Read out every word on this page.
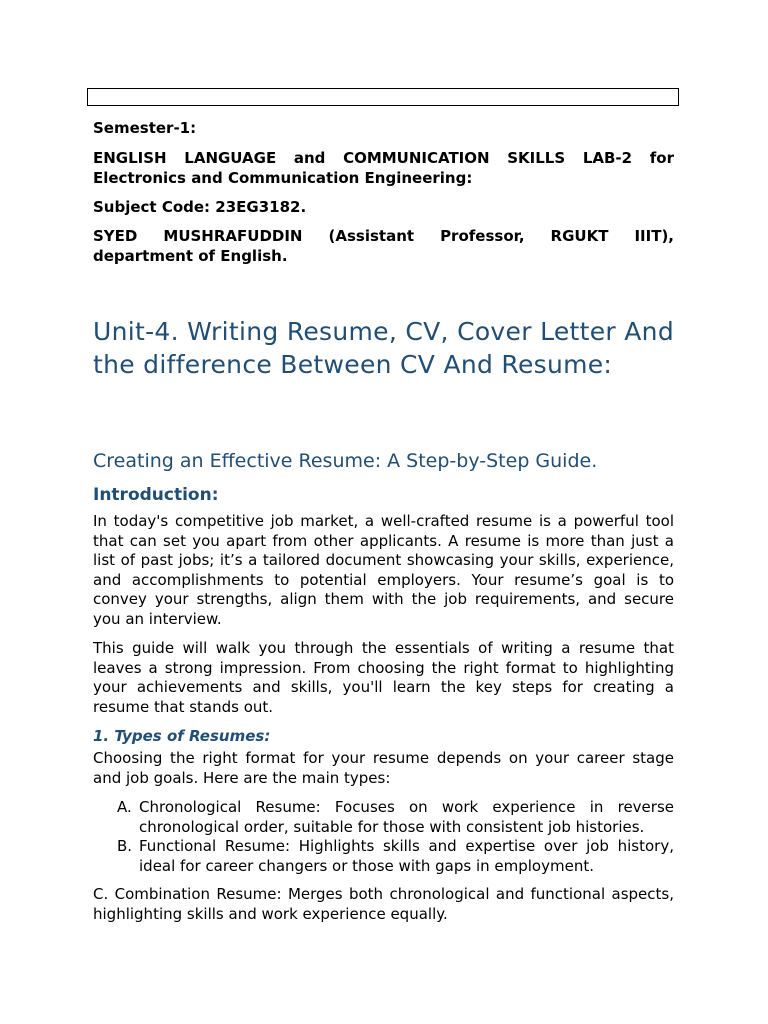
Semester-1:

ENGLISH LANGUAGE and COMMUNICATION SKILLS LAB-2 for Electronics and Communication Engineering:

Subject Code: 23EG3182.

SYED MUSHRAFUDDIN (Assistant Professor, RGUKT IIIT), department of English.

Unit-4. Writing Resume, CV, Cover Letter And the difference Between CV And Resume:
Creating an Effective Resume: A Step-by-Step Guide.
Introduction:

In today's competitive job market, a well-crafted resume is a powerful tool that can set you apart from other applicants. A resume is more than just a list of past jobs; it’s a tailored document showcasing your skills, experience, and accomplishments to potential employers. Your resume’s goal is to convey your strengths, align them with the job requirements, and secure you an interview.

This guide will walk you through the essentials of writing a resume that leaves a strong impression. From choosing the right format to highlighting your achievements and skills, you'll learn the key steps for creating a resume that stands out.

1. Types of Resumes:

Choosing the right format for your resume depends on your career stage and job goals. Here are the main types:

A. Chronological Resume: Focuses on work experience in reverse chronological order, suitable for those with consistent job histories.
B. Functional Resume: Highlights skills and expertise over job history, ideal for career changers or those with gaps in employment.

C. Combination Resume: Merges both chronological and functional aspects, highlighting skills and work experience equally.
